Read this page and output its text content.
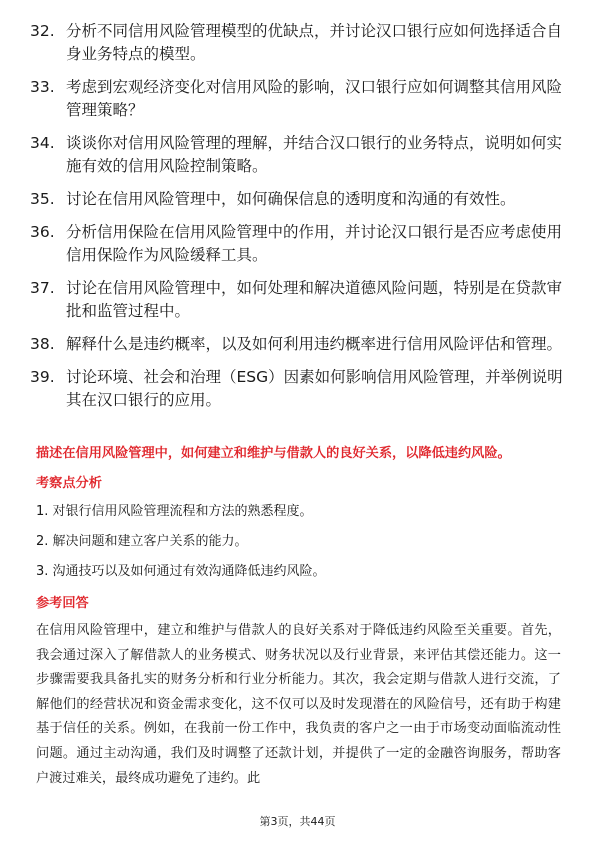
32. 分析不同信用风险管理模型的优缺点，并讨论汉口银行应如何选择适合自身业务特点的模型。
33. 考虑到宏观经济变化对信用风险的影响，汉口银行应如何调整其信用风险管理策略？
34. 谈谈你对信用风险管理的理解，并结合汉口银行的业务特点，说明如何实施有效的信用风险控制策略。
35. 讨论在信用风险管理中，如何确保信息的透明度和沟通的有效性。
36. 分析信用保险在信用风险管理中的作用，并讨论汉口银行是否应考虑使用信用保险作为风险缓释工具。
37. 讨论在信用风险管理中，如何处理和解决道德风险问题，特别是在贷款审批和监管过程中。
38. 解释什么是违约概率，以及如何利用违约概率进行信用风险评估和管理。
39. 讨论环境、社会和治理（ESG）因素如何影响信用风险管理，并举例说明其在汉口银行的应用。
描述在信用风险管理中，如何建立和维护与借款人的良好关系，以降低违约风险。
考察点分析
1. 对银行信用风险管理流程和方法的熟悉程度。
2. 解决问题和建立客户关系的能力。
3. 沟通技巧以及如何通过有效沟通降低违约风险。
参考回答
在信用风险管理中，建立和维护与借款人的良好关系对于降低违约风险至关重要。首先，我会通过深入了解借款人的业务模式、财务状况以及行业背景，来评估其偿还能力。这一步骤需要我具备扎实的财务分析和行业分析能力。其次，我会定期与借款人进行交流，了解他们的经营状况和资金需求变化，这不仅可以及时发现潜在的风险信号，还有助于构建基于信任的关系。例如，在我前一份工作中，我负责的客户之一由于市场变动面临流动性问题。通过主动沟通，我们及时调整了还款计划，并提供了一定的金融咨询服务，帮助客户渡过难关，最终成功避免了违约。此
第3页，共44页
